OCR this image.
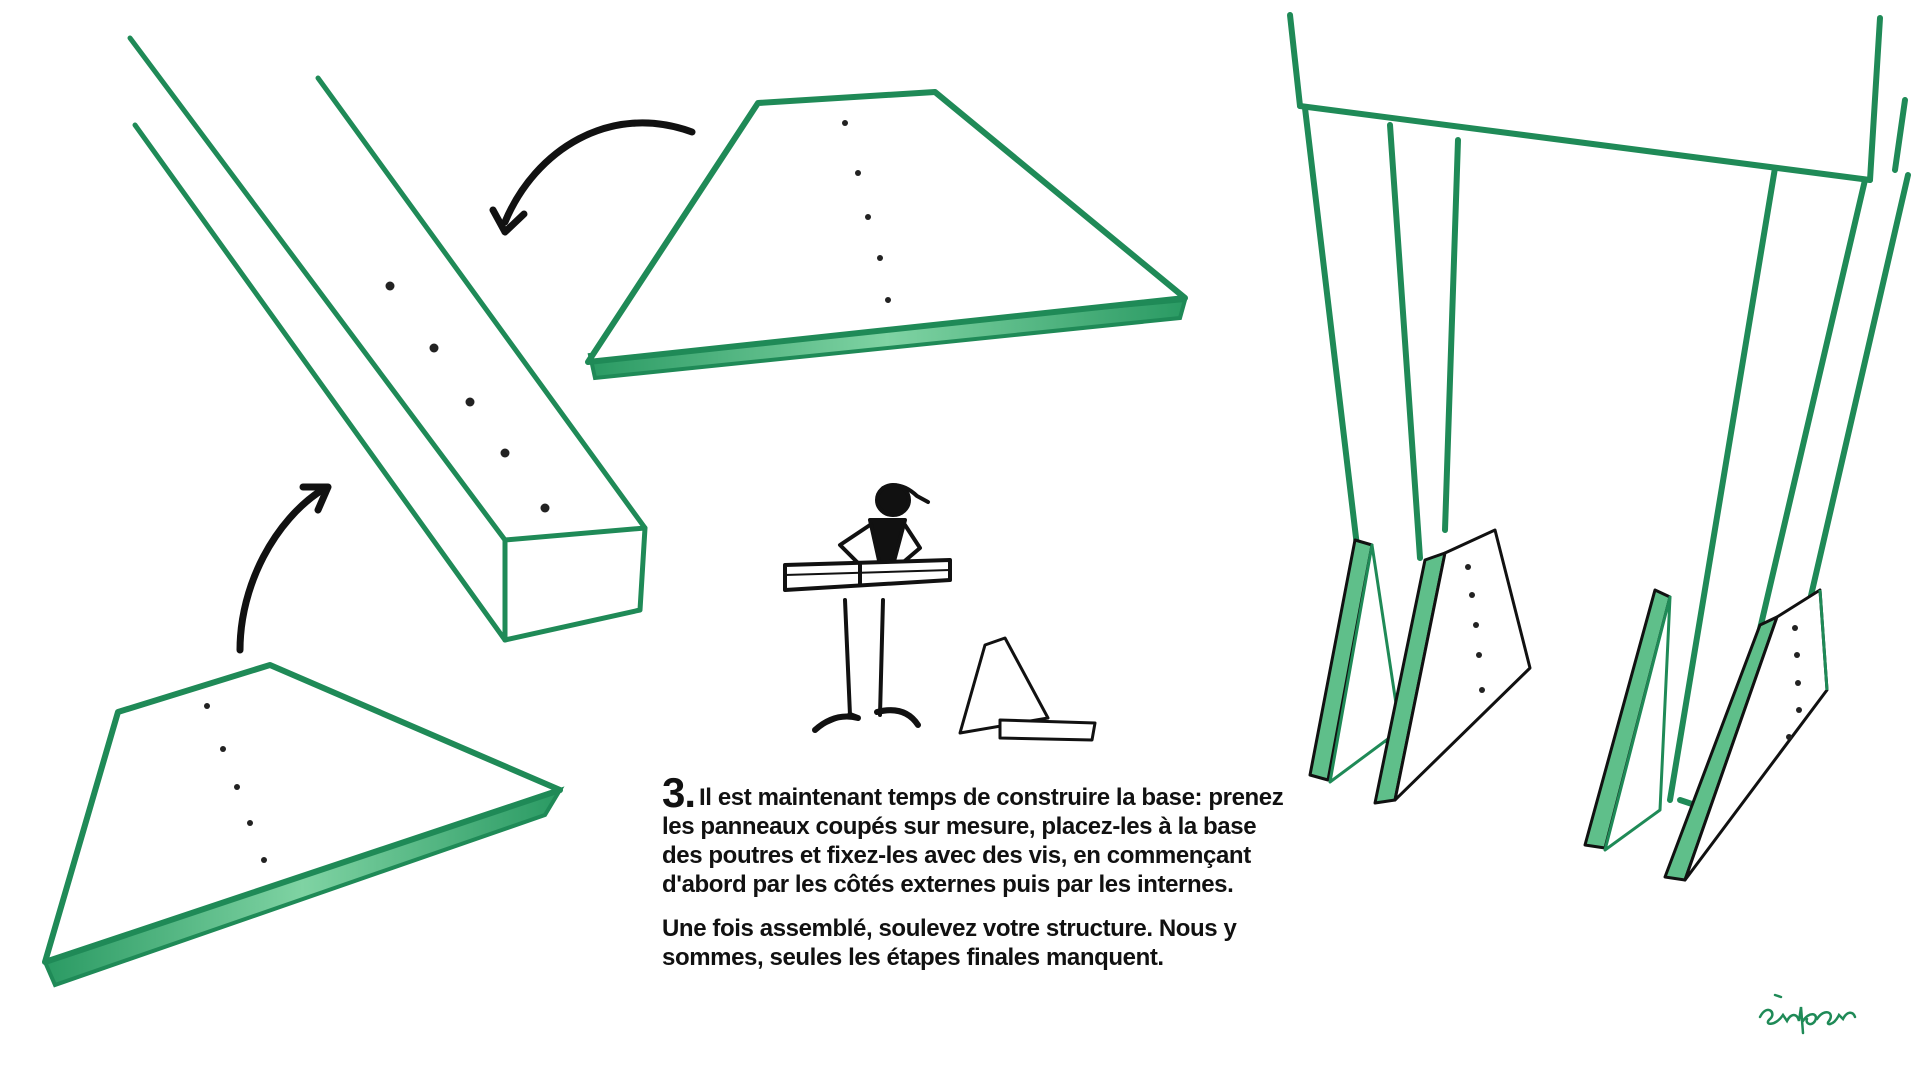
3. Il est maintenant temps de construire la base: prenez les panneaux coupés sur mesure, placez-les à la base des poutres et fixez-les avec des vis, en commençant d'abord par les côtés externes puis par les internes.

Une fois assemblé, soulevez votre structure. Nous y sommes, seules les étapes finales manquent.
